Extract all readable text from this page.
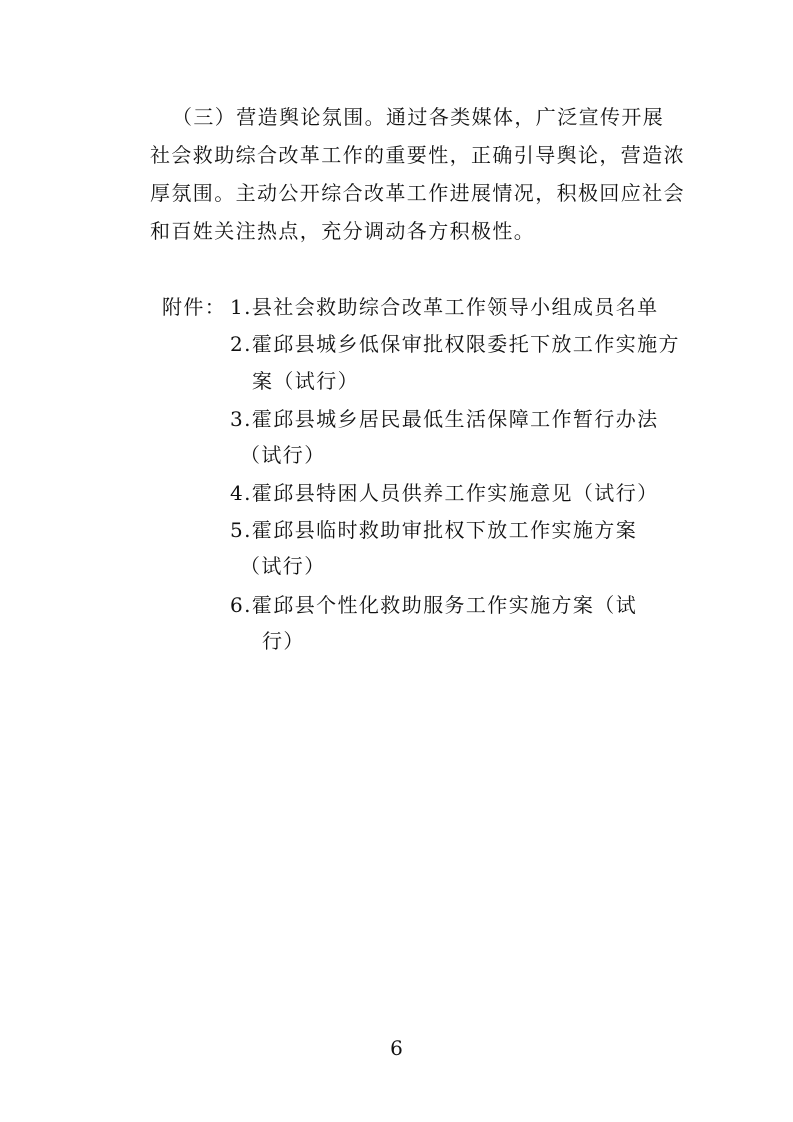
（三）营造舆论氛围。通过各类媒体，广泛宣传开展
社会救助综合改革工作的重要性，正确引导舆论，营造浓
厚氛围。主动公开综合改革工作进展情况，积极回应社会
和百姓关注热点，充分调动各方积极性。

附件： 1.县社会救助综合改革工作领导小组成员名单
2.霍邱县城乡低保审批权限委托下放工作实施方
案（试行）
3.霍邱县城乡居民最低生活保障工作暂行办法
（试行）
4.霍邱县特困人员供养工作实施意见（试行）
5.霍邱县临时救助审批权下放工作实施方案
（试行）
6.霍邱县个性化救助服务工作实施方案（试
行）
6
